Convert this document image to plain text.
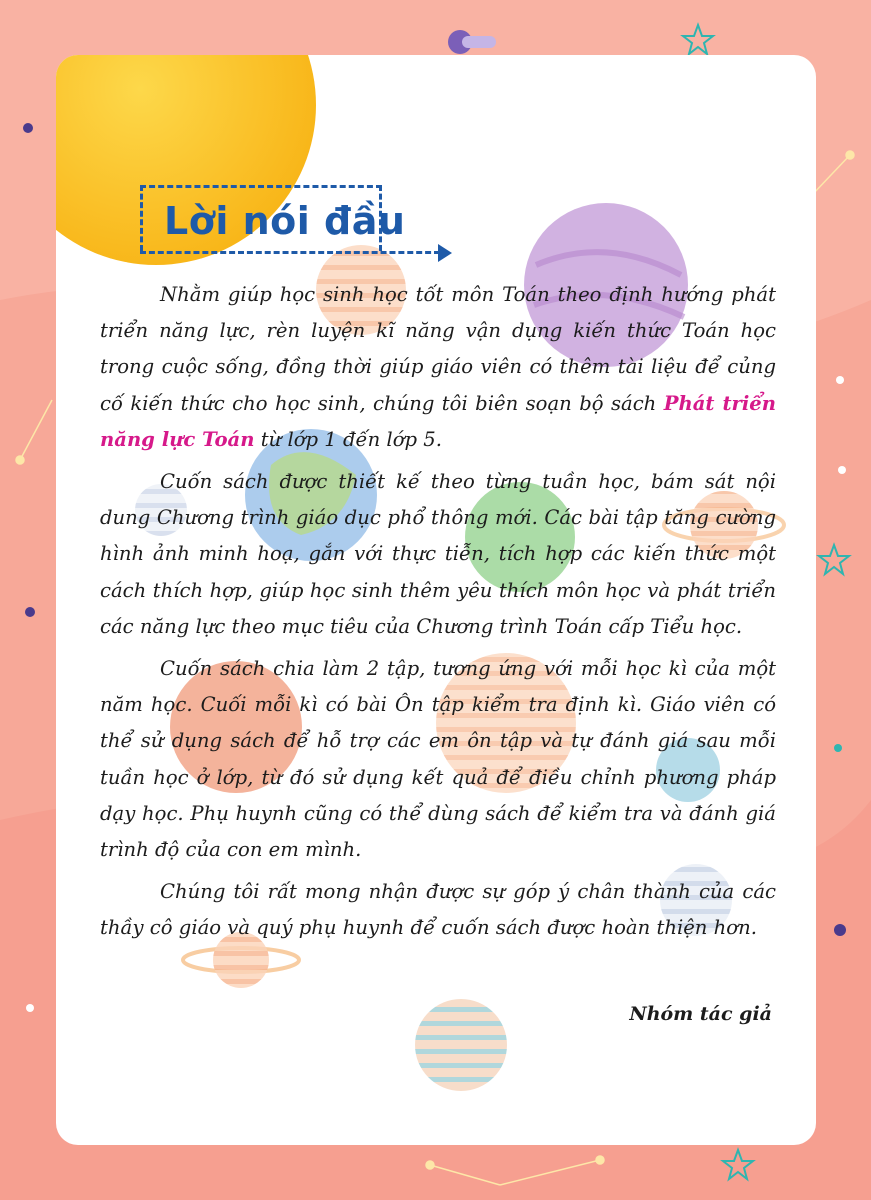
Lời nói đầu

Nhằm giúp học sinh học tốt môn Toán theo định hướng phát triển năng lực, rèn luyện kĩ năng vận dụng kiến thức Toán học trong cuộc sống, đồng thời giúp giáo viên có thêm tài liệu để củng cố kiến thức cho học sinh, chúng tôi biên soạn bộ sách Phát triển năng lực Toán từ lớp 1 đến lớp 5.

Cuốn sách được thiết kế theo từng tuần học, bám sát nội dung Chương trình giáo dục phổ thông mới. Các bài tập tăng cường hình ảnh minh hoạ, gắn với thực tiễn, tích hợp các kiến thức một cách thích hợp, giúp học sinh thêm yêu thích môn học và phát triển các năng lực theo mục tiêu của Chương trình Toán cấp Tiểu học.

Cuốn sách chia làm 2 tập, tương ứng với mỗi học kì của một năm học. Cuối mỗi kì có bài Ôn tập kiểm tra định kì. Giáo viên có thể sử dụng sách để hỗ trợ các em ôn tập và tự đánh giá sau mỗi tuần học ở lớp, từ đó sử dụng kết quả để điều chỉnh phương pháp dạy học. Phụ huynh cũng có thể dùng sách để kiểm tra và đánh giá trình độ của con em mình.

Chúng tôi rất mong nhận được sự góp ý chân thành của các thầy cô giáo và quý phụ huynh để cuốn sách được hoàn thiện hơn.

Nhóm tác giả
